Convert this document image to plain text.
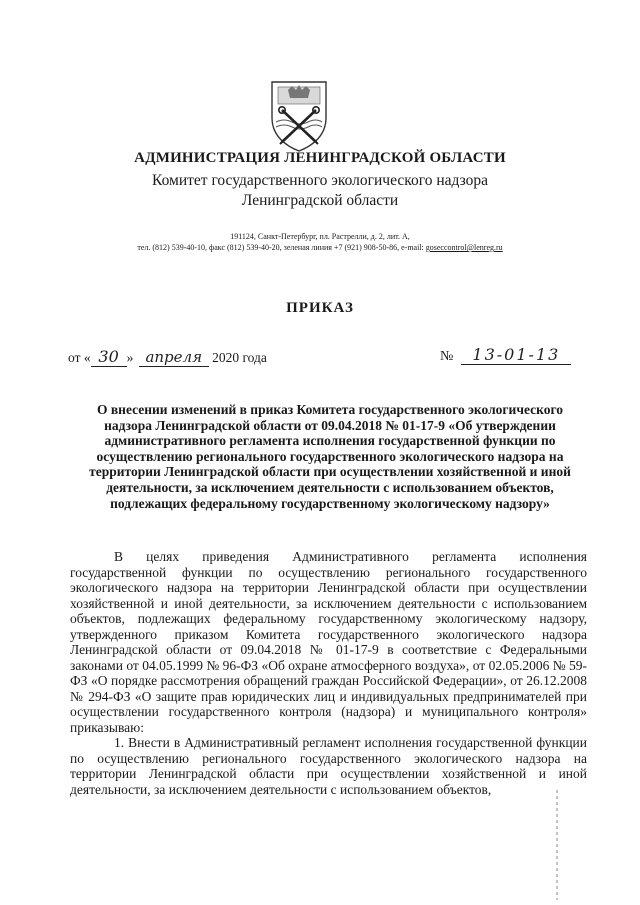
АДМИНИСТРАЦИЯ ЛЕНИНГРАДСКОЙ ОБЛАСТИ
Комитет государственного экологического надзора
Ленинградской области
191124, Санкт-Петербург, пл. Растрелли, д. 2, лит. А,
тел. (812) 539-40-10, факс (812) 539-40-20, зеленая линия +7 (921) 908-50-86, e-mail: goseccontrol@lenreg.ru
ПРИКАЗ
от « 30 » апреля 2020 года	№ 13-01-13
О внесении изменений в приказ Комитета государственного экологического надзора Ленинградской области от 09.04.2018 № 01-17-9 «Об утверждении административного регламента исполнения государственной функции по осуществлению регионального государственного экологического надзора на территории Ленинградской области при осуществлении хозяйственной и иной деятельности, за исключением деятельности с использованием объектов, подлежащих федеральному государственному экологическому надзору»

В целях приведения Административного регламента исполнения государственной функции по осуществлению регионального государственного экологического надзора на территории Ленинградской области при осуществлении хозяйственной и иной деятельности, за исключением деятельности с использованием объектов, подлежащих федеральному государственному экологическому надзору, утвержденного приказом Комитета государственного экологического надзора Ленинградской области от 09.04.2018 № 01-17-9 в соответствие с Федеральными законами от 04.05.1999 № 96-ФЗ «Об охране атмосферного воздуха», от 02.05.2006 № 59-ФЗ «О порядке рассмотрения обращений граждан Российской Федерации», от 26.12.2008 № 294-ФЗ «О защите прав юридических лиц и индивидуальных предпринимателей при осуществлении государственного контроля (надзора) и муниципального контроля» приказываю:

1. Внести в Административный регламент исполнения государственной функции по осуществлению регионального государственного экологического надзора на территории Ленинградской области при осуществлении хозяйственной и иной деятельности, за исключением деятельности с использованием объектов,
